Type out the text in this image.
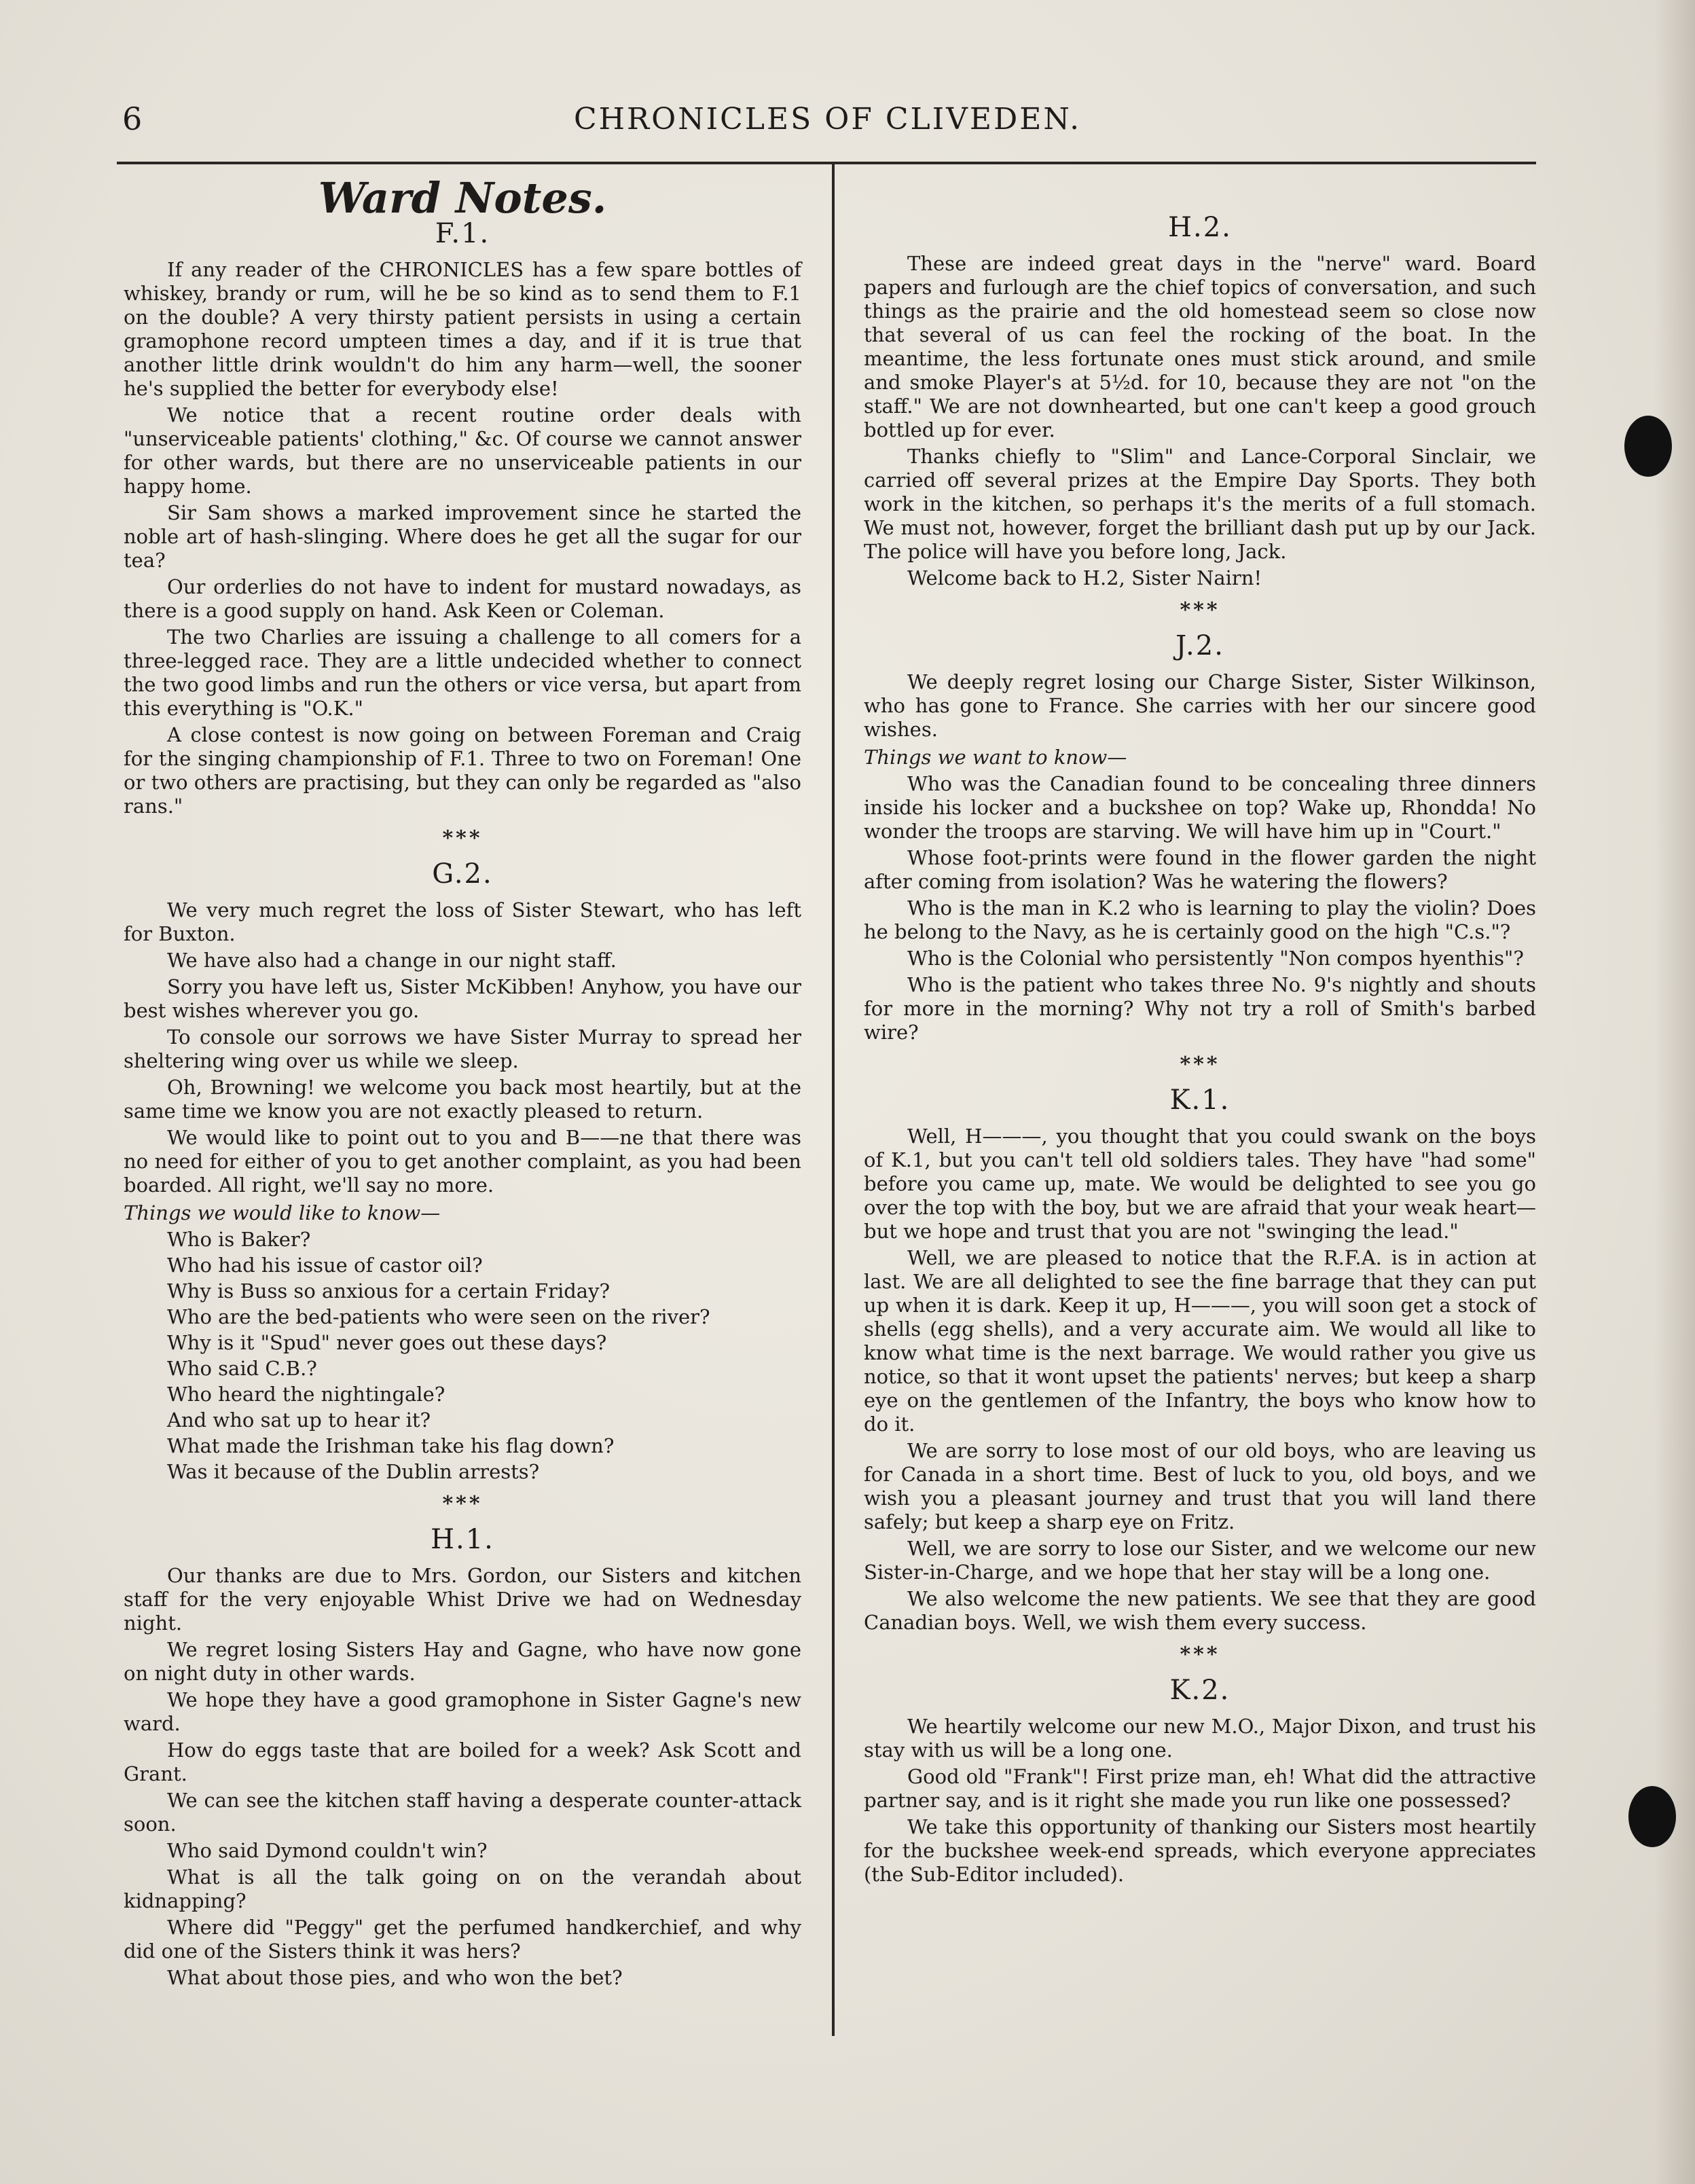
6	CHRONICLES OF CLIVEDEN.
Ward Notes.
F.1.

If any reader of the CHRONICLES has a few spare bottles of whiskey, brandy or rum, will he be so kind as to send them to F.1 on the double? A very thirsty patient persists in using a certain gramophone record umpteen times a day, and if it is true that another little drink wouldn't do him any harm—well, the sooner he's supplied the better for everybody else!

We notice that a recent routine order deals with "unserviceable patients' clothing," &c. Of course we cannot answer for other wards, but there are no unserviceable patients in our happy home.

Sir Sam shows a marked improvement since he started the noble art of hash-slinging. Where does he get all the sugar for our tea?

Our orderlies do not have to indent for mustard nowadays, as there is a good supply on hand. Ask Keen or Coleman.

The two Charlies are issuing a challenge to all comers for a three-legged race. They are a little undecided whether to connect the two good limbs and run the others or vice versa, but apart from this everything is "O.K."

A close contest is now going on between Foreman and Craig for the singing championship of F.1. Three to two on Foreman! One or two others are practising, but they can only be regarded as "also rans."

***
G.2.

We very much regret the loss of Sister Stewart, who has left for Buxton.

We have also had a change in our night staff.

Sorry you have left us, Sister McKibben! Anyhow, you have our best wishes wherever you go.

To console our sorrows we have Sister Murray to spread her sheltering wing over us while we sleep.

Oh, Browning! we welcome you back most heartily, but at the same time we know you are not exactly pleased to return.

We would like to point out to you and B——ne that there was no need for either of you to get another complaint, as you had been boarded. All right, we'll say no more.

Things we would like to know—
Who is Baker?
Who had his issue of castor oil?
Why is Buss so anxious for a certain Friday?
Who are the bed-patients who were seen on the river?
Why is it "Spud" never goes out these days?
Who said C.B.?
Who heard the nightingale?
And who sat up to hear it?
What made the Irishman take his flag down?
Was it because of the Dublin arrests?
***
H.1.

Our thanks are due to Mrs. Gordon, our Sisters and kitchen staff for the very enjoyable Whist Drive we had on Wednesday night.

We regret losing Sisters Hay and Gagne, who have now gone on night duty in other wards.

We hope they have a good gramophone in Sister Gagne's new ward.

How do eggs taste that are boiled for a week? Ask Scott and Grant.

We can see the kitchen staff having a desperate counter-attack soon.

Who said Dymond couldn't win?

What is all the talk going on on the verandah about kidnapping?

Where did "Peggy" get the perfumed handkerchief, and why did one of the Sisters think it was hers?

What about those pies, and who won the bet?

H.2.

These are indeed great days in the "nerve" ward. Board papers and furlough are the chief topics of conversation, and such things as the prairie and the old homestead seem so close now that several of us can feel the rocking of the boat. In the meantime, the less fortunate ones must stick around, and smile and smoke Player's at 5½d. for 10, because they are not "on the staff." We are not downhearted, but one can't keep a good grouch bottled up for ever.

Thanks chiefly to "Slim" and Lance-Corporal Sinclair, we carried off several prizes at the Empire Day Sports. They both work in the kitchen, so perhaps it's the merits of a full stomach. We must not, however, forget the brilliant dash put up by our Jack. The police will have you before long, Jack.

Welcome back to H.2, Sister Nairn!

***
J.2.

We deeply regret losing our Charge Sister, Sister Wilkinson, who has gone to France. She carries with her our sincere good wishes.

Things we want to know—

Who was the Canadian found to be concealing three dinners inside his locker and a buckshee on top? Wake up, Rhondda! No wonder the troops are starving. We will have him up in "Court."

Whose foot-prints were found in the flower garden the night after coming from isolation? Was he watering the flowers?

Who is the man in K.2 who is learning to play the violin? Does he belong to the Navy, as he is certainly good on the high "C.s."?

Who is the Colonial who persistently "Non compos hyenthis"?

Who is the patient who takes three No. 9's nightly and shouts for more in the morning? Why not try a roll of Smith's barbed wire?

***
K.1.

Well, H———, you thought that you could swank on the boys of K.1, but you can't tell old soldiers tales. They have "had some" before you came up, mate. We would be delighted to see you go over the top with the boy, but we are afraid that your weak heart—but we hope and trust that you are not "swinging the lead."

Well, we are pleased to notice that the R.F.A. is in action at last. We are all delighted to see the fine barrage that they can put up when it is dark. Keep it up, H———, you will soon get a stock of shells (egg shells), and a very accurate aim. We would all like to know what time is the next barrage. We would rather you give us notice, so that it wont upset the patients' nerves; but keep a sharp eye on the gentlemen of the Infantry, the boys who know how to do it.

We are sorry to lose most of our old boys, who are leaving us for Canada in a short time. Best of luck to you, old boys, and we wish you a pleasant journey and trust that you will land there safely; but keep a sharp eye on Fritz.

Well, we are sorry to lose our Sister, and we welcome our new Sister-in-Charge, and we hope that her stay will be a long one.

We also welcome the new patients. We see that they are good Canadian boys. Well, we wish them every success.

***
K.2.

We heartily welcome our new M.O., Major Dixon, and trust his stay with us will be a long one.

Good old "Frank"! First prize man, eh! What did the attractive partner say, and is it right she made you run like one possessed?

We take this opportunity of thanking our Sisters most heartily for the buckshee week-end spreads, which everyone appreciates (the Sub-Editor included).
